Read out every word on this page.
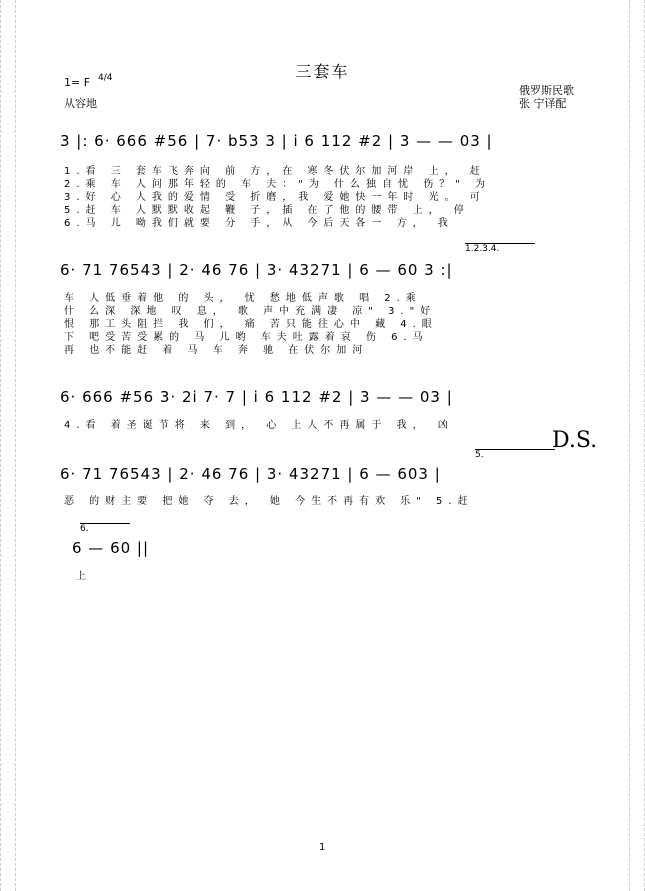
三套车
1= F 4/4
从容地
俄罗斯民歌
张 宁译配
3 |: 6· 666 #56 | 7· b53 3 | i 6 112 #2 | 3 — — 03 |
1.看 三 套车飞奔向 前 方，在 寒冬伏尔加河岸 上， 赶
2.乘 车 人问那年轻的 车 夫："为 什么独自忧 伤？" 为
3.好 心 人我的爱情 受 折磨，我 爱她快一年时 光。 可
5.赶 车 人默默收起 鞭 子，插 在了他的腰带 上， 停
6.马 儿 呦我们就要 分 手，从 今后天各一 方， 我
1.2.3.4.
6· 71 76543 | 2· 46 76 | 3· 43271 | 6 — 60 3 :|
车 人低垂着他 的 头， 忧 愁地低声歌 唱 2.乘
什 么深 深地 叹 息， 歌 声中充满凄 凉" 3."好
恨 那工头阻拦 我 们， 痛 苦只能往心中 藏 4.眼
下 吧受苦受累的 马 儿哟 车夫吐露着哀 伤 6.马
再 也不能赶 着 马 车 奔 驰 在伏尔加河
6· 666 #56 3· 2i 7· 7 | i 6 112 #2 | 3 — — 03 |
4.看 着圣诞节将 来 到， 心 上人不再属于 我， 凶
D.S.
5.
6· 71 76543 | 2· 46 76 | 3· 43271 | 6 — 603 |
恶 的财主要 把她 夺 去， 她 今生不再有欢 乐" 5.赶
6.
6 — 60 ||
上
1
